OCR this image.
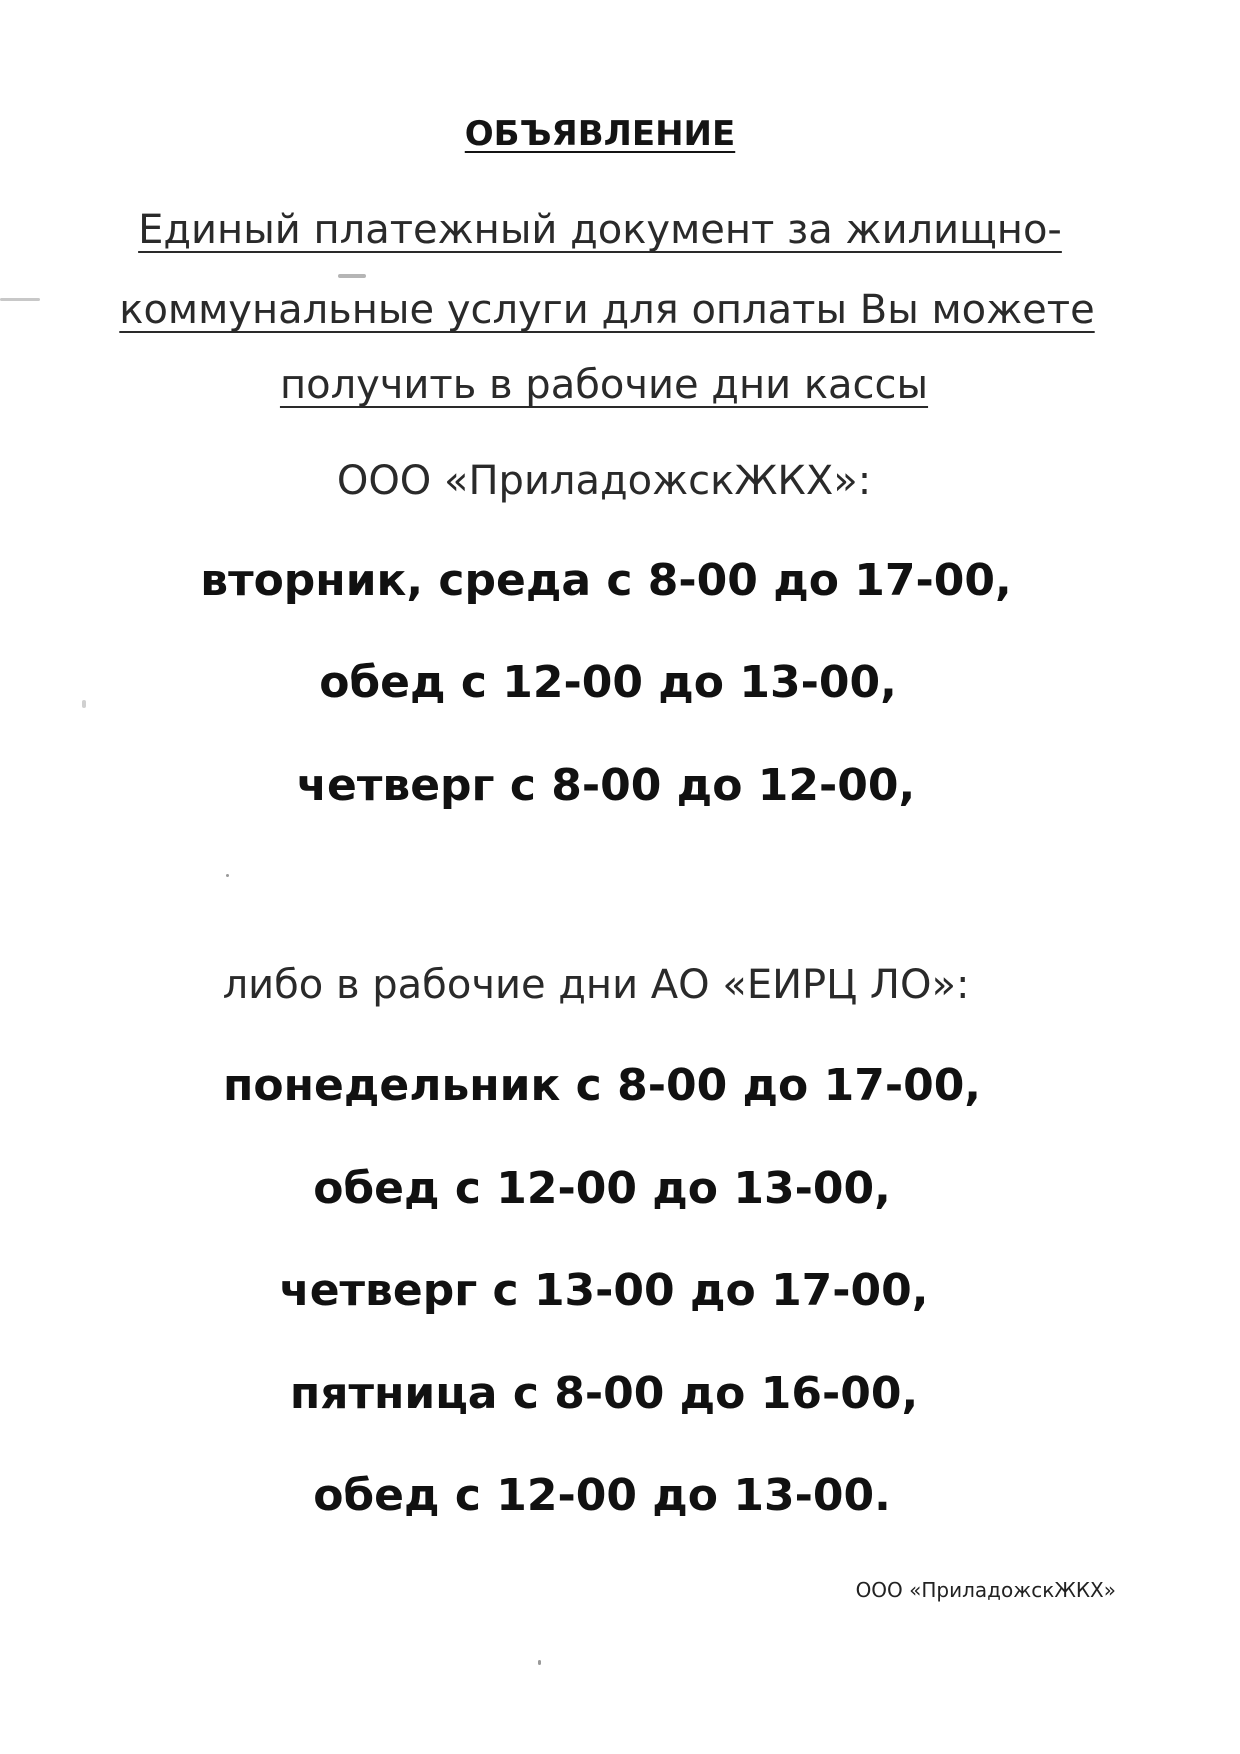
ОБЪЯВЛЕНИЕ
Единый платежный документ за жилищно-
коммунальные услуги для оплаты Вы можете
получить в рабочие дни кассы
ООО «ПриладожскЖКХ»:
вторник, среда с 8-00 до 17-00,
обед с 12-00 до 13-00,
четверг с 8-00 до 12-00,
либо в рабочие дни АО «ЕИРЦ ЛО»:
понедельник с 8-00 до 17-00,
обед с 12-00 до 13-00,
четверг с 13-00 до 17-00,
пятница с 8-00 до 16-00,
обед с 12-00 до 13-00.
ООО «ПриладожскЖКХ»
